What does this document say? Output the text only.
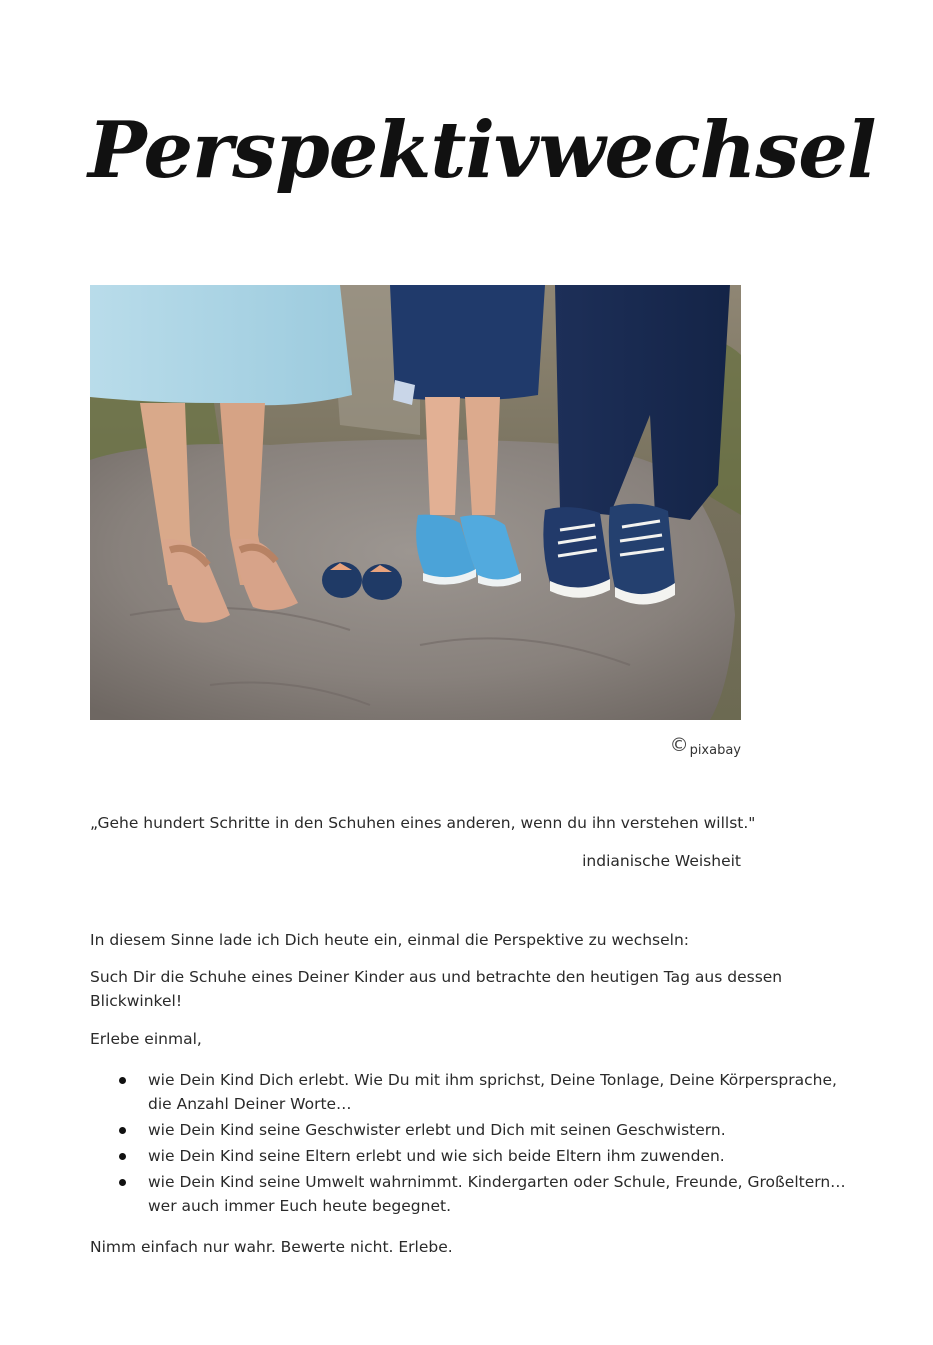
Perspektivwechsel
© pixabay
„Gehe hundert Schritte in den Schuhen eines anderen, wenn du ihn verstehen willst."
indianische Weisheit

In diesem Sinne lade ich Dich heute ein, einmal die Perspektive zu wechseln:

Such Dir die Schuhe eines Deiner Kinder aus und betrachte den heutigen Tag aus dessen Blickwinkel!

Erlebe einmal,

wie Dein Kind Dich erlebt. Wie Du mit ihm sprichst, Deine Tonlage, Deine Körpersprache, die Anzahl Deiner Worte…
wie Dein Kind seine Geschwister erlebt und Dich mit seinen Geschwistern.
wie Dein Kind seine Eltern erlebt und wie sich beide Eltern ihm zuwenden.
wie Dein Kind seine Umwelt wahrnimmt. Kindergarten oder Schule, Freunde, Großeltern… wer auch immer Euch heute begegnet.

Nimm einfach nur wahr. Bewerte nicht. Erlebe.
